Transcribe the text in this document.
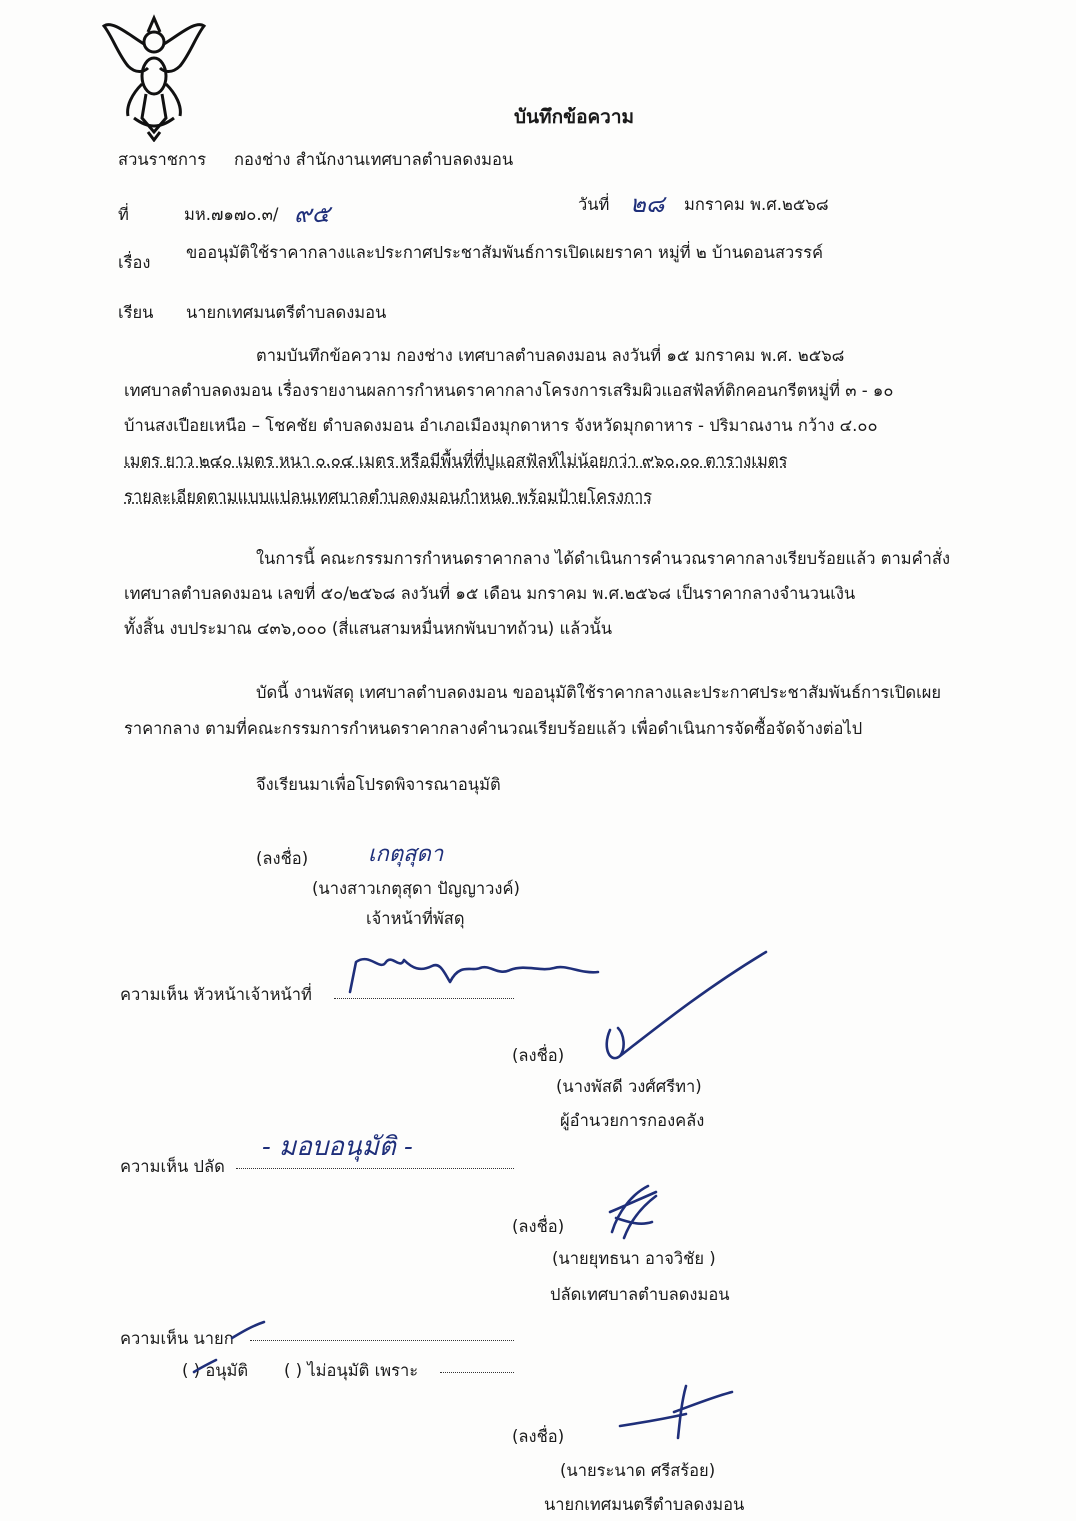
บันทึกข้อความ
สวนราชการ กองช่าง สำนักงานเทศบาลตำบลดงมอน
ที่	มห.๗๑๗๐.๓/ ๙๕	วันที่ ๒๘ มกราคม พ.ศ.๒๕๖๘
เรื่อง
ขออนุมัติใช้ราคากลางและประกาศประชาสัมพันธ์การเปิดเผยราคา หมู่ที่ ๒ บ้านดอนสวรรค์
เรียน นายกเทศมนตรีตำบลดงมอน
ตามบันทึกข้อความ กองช่าง เทศบาลตำบลดงมอน ลงวันที่ ๑๕ มกราคม พ.ศ. ๒๕๖๘
เทศบาลตำบลดงมอน เรื่องรายงานผลการกำหนดราคากลางโครงการเสริมผิวแอสฟัลท์ติกคอนกรีตหมู่ที่ ๓ - ๑๐
บ้านสงเปือยเหนือ – โชคชัย ตำบลดงมอน อำเภอเมืองมุกดาหาร จังหวัดมุกดาหาร - ปริมาณงาน กว้าง ๔.๐๐
เมตร ยาว ๒๔๐ เมตร หนา ๐.๐๔ เมตร หรือมีพื้นที่ที่ปูแอสฟัลท์ไม่น้อยกว่า ๙๖๐.๐๐ ตารางเมตร
รายละเอียดตามแบบแปลนเทศบาลตำบลดงมอนกำหนด พร้อมป้ายโครงการ
ในการนี้ คณะกรรมการกำหนดราคากลาง ได้ดำเนินการคำนวณราคากลางเรียบร้อยแล้ว ตามคำสั่ง
เทศบาลตำบลดงมอน เลขที่ ๕๐/๒๕๖๘ ลงวันที่ ๑๕ เดือน มกราคม พ.ศ.๒๕๖๘ เป็นราคากลางจำนวนเงิน
ทั้งสิ้น งบประมาณ ๔๓๖,๐๐๐ (สี่แสนสามหมื่นหกพันบาทถ้วน) แล้วนั้น
บัดนี้ งานพัสดุ เทศบาลตำบลดงมอน ขออนุมัติใช้ราคากลางและประกาศประชาสัมพันธ์การเปิดเผย
ราคากลาง ตามที่คณะกรรมการกำหนดราคากลางคำนวณเรียบร้อยแล้ว เพื่อดำเนินการจัดซื้อจัดจ้างต่อไป
จึงเรียนมาเพื่อโปรดพิจารณาอนุมัติ
(ลงชื่อ)	เกตุสุดา
(นางสาวเกตุสุดา ปัญญาวงค์)
เจ้าหน้าที่พัสดุ
ความเห็น หัวหน้าเจ้าหน้าที่
(ลงชื่อ)
(นางพัสดี วงศ์ศรีทา)
ผู้อำนวยการกองคลัง
ความเห็น ปลัด
- มอบอนุมัติ -
(ลงชื่อ)
(นายยุทธนา อาจวิชัย )
ปลัดเทศบาลตำบลดงมอน
ความเห็น นายก
( ) อนุมัติ ( ) ไม่อนุมัติ เพราะ
(ลงชื่อ)
(นายระนาด ศรีสร้อย)
นายกเทศมนตรีตำบลดงมอน
